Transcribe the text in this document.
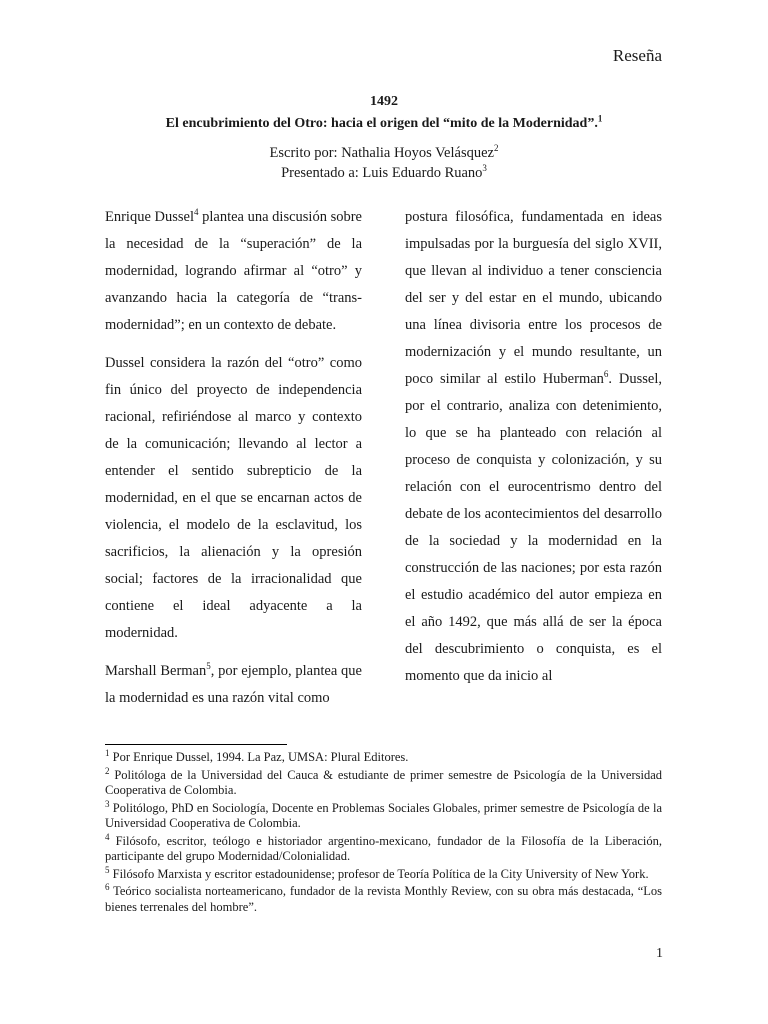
Reseña
1492
El encubrimiento del Otro: hacia el origen del “mito de la Modernidad”.$^1$
Escrito por: Nathalia Hoyos Velásquez$^2$
Presentado a: Luis Eduardo Ruano$^3$

Enrique Dussel$^4$ plantea una discusión sobre la necesidad de la “superación” de la modernidad, logrando afirmar al “otro” y avanzando hacia la categoría de “trans-modernidad”; en un contexto de debate.

Dussel considera la razón del “otro” como fin único del proyecto de independencia racional, refiriéndose al marco y contexto de la comunicación; llevando al lector a entender el sentido subrepticio de la modernidad, en el que se encarnan actos de violencia, el modelo de la esclavitud, los sacrificios, la alienación y la opresión social; factores de la irracionalidad que contiene el ideal adyacente a la modernidad.

Marshall Berman$^5$, por ejemplo, plantea que la modernidad es una razón vital como

postura filosófica, fundamentada en ideas impulsadas por la burguesía del siglo XVII, que llevan al individuo a tener consciencia del ser y del estar en el mundo, ubicando una línea divisoria entre los procesos de modernización y el mundo resultante, un poco similar al estilo Huberman$^6$. Dussel, por el contrario, analiza con detenimiento, lo que se ha planteado con relación al proceso de conquista y colonización, y su relación con el eurocentrismo dentro del debate de los acontecimientos del desarrollo de la sociedad y la modernidad en la construcción de las naciones; por esta razón el estudio académico del autor empieza en el año 1492, que más allá de ser la época del descubrimiento o conquista, es el momento que da inicio al

$^1$ Por Enrique Dussel, 1994. La Paz, UMSA: Plural Editores.
$^2$ Politóloga de la Universidad del Cauca & estudiante de primer semestre de Psicología de la Universidad Cooperativa de Colombia.
$^3$ Politólogo, PhD en Sociología, Docente en Problemas Sociales Globales, primer semestre de Psicología de la Universidad Cooperativa de Colombia.
$^4$ Filósofo, escritor, teólogo e historiador argentino-mexicano, fundador de la Filosofía de la Liberación, participante del grupo Modernidad/Colonialidad.
$^5$ Filósofo Marxista y escritor estadounidense; profesor de Teoría Política de la City University of New York.
$^6$ Teórico socialista norteamericano, fundador de la revista Monthly Review, con su obra más destacada, “Los bienes terrenales del hombre”.
1
